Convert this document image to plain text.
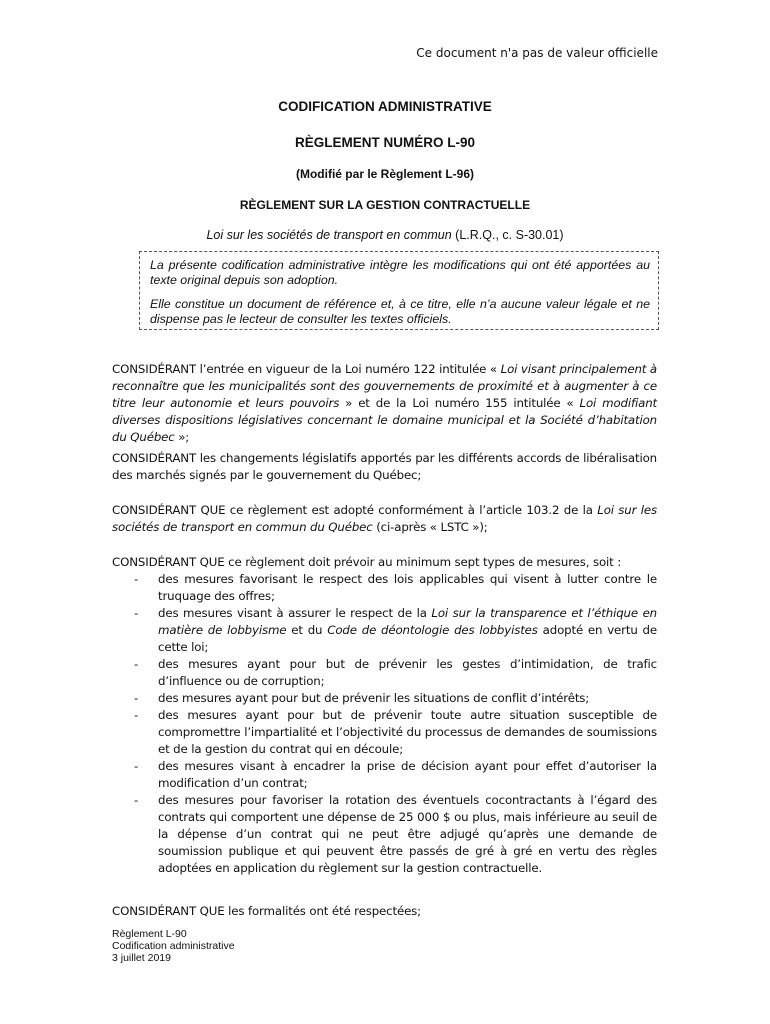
Ce document n'a pas de valeur officielle
CODIFICATION ADMINISTRATIVE
RÈGLEMENT NUMÉRO L-90
(Modifié par le Règlement L-96)
RÈGLEMENT SUR LA GESTION CONTRACTUELLE
Loi sur les sociétés de transport en commun (L.R.Q., c. S-30.01)

La présente codification administrative intègre les modifications qui ont été apportées au texte original depuis son adoption.

Elle constitue un document de référence et, à ce titre, elle n’a aucune valeur légale et ne dispense pas le lecteur de consulter les textes officiels.

CONSIDÉRANT l’entrée en vigueur de la Loi numéro 122 intitulée « Loi visant principalement à reconnaître que les municipalités sont des gouvernements de proximité et à augmenter à ce titre leur autonomie et leurs pouvoirs » et de la Loi numéro 155 intitulée « Loi modifiant diverses dispositions législatives concernant le domaine municipal et la Société d’habitation du Québec »;
CONSIDÉRANT les changements législatifs apportés par les différents accords de libéralisation des marchés signés par le gouvernement du Québec;
CONSIDÉRANT QUE ce règlement est adopté conformément à l’article 103.2 de la Loi sur les sociétés de transport en commun du Québec (ci-après « LSTC »);
CONSIDÉRANT QUE ce règlement doit prévoir au minimum sept types de mesures, soit :
- des mesures favorisant le respect des lois applicables qui visent à lutter contre le truquage des offres;
- des mesures visant à assurer le respect de la Loi sur la transparence et l’éthique en matière de lobbyisme et du Code de déontologie des lobbyistes adopté en vertu de cette loi;
- des mesures ayant pour but de prévenir les gestes d’intimidation, de trafic d’influence ou de corruption;
- des mesures ayant pour but de prévenir les situations de conflit d’intérêts;
- des mesures ayant pour but de prévenir toute autre situation susceptible de compromettre l’impartialité et l’objectivité du processus de demandes de soumissions et de la gestion du contrat qui en découle;
- des mesures visant à encadrer la prise de décision ayant pour effet d’autoriser la modification d’un contrat;
- des mesures pour favoriser la rotation des éventuels cocontractants à l’égard des contrats qui comportent une dépense de 25 000 $ ou plus, mais inférieure au seuil de la dépense d’un contrat qui ne peut être adjugé qu’après une demande de soumission publique et qui peuvent être passés de gré à gré en vertu des règles adoptées en application du règlement sur la gestion contractuelle.
CONSIDÉRANT QUE les formalités ont été respectées;
Règlement L-90
Codification administrative
3 juillet 2019
